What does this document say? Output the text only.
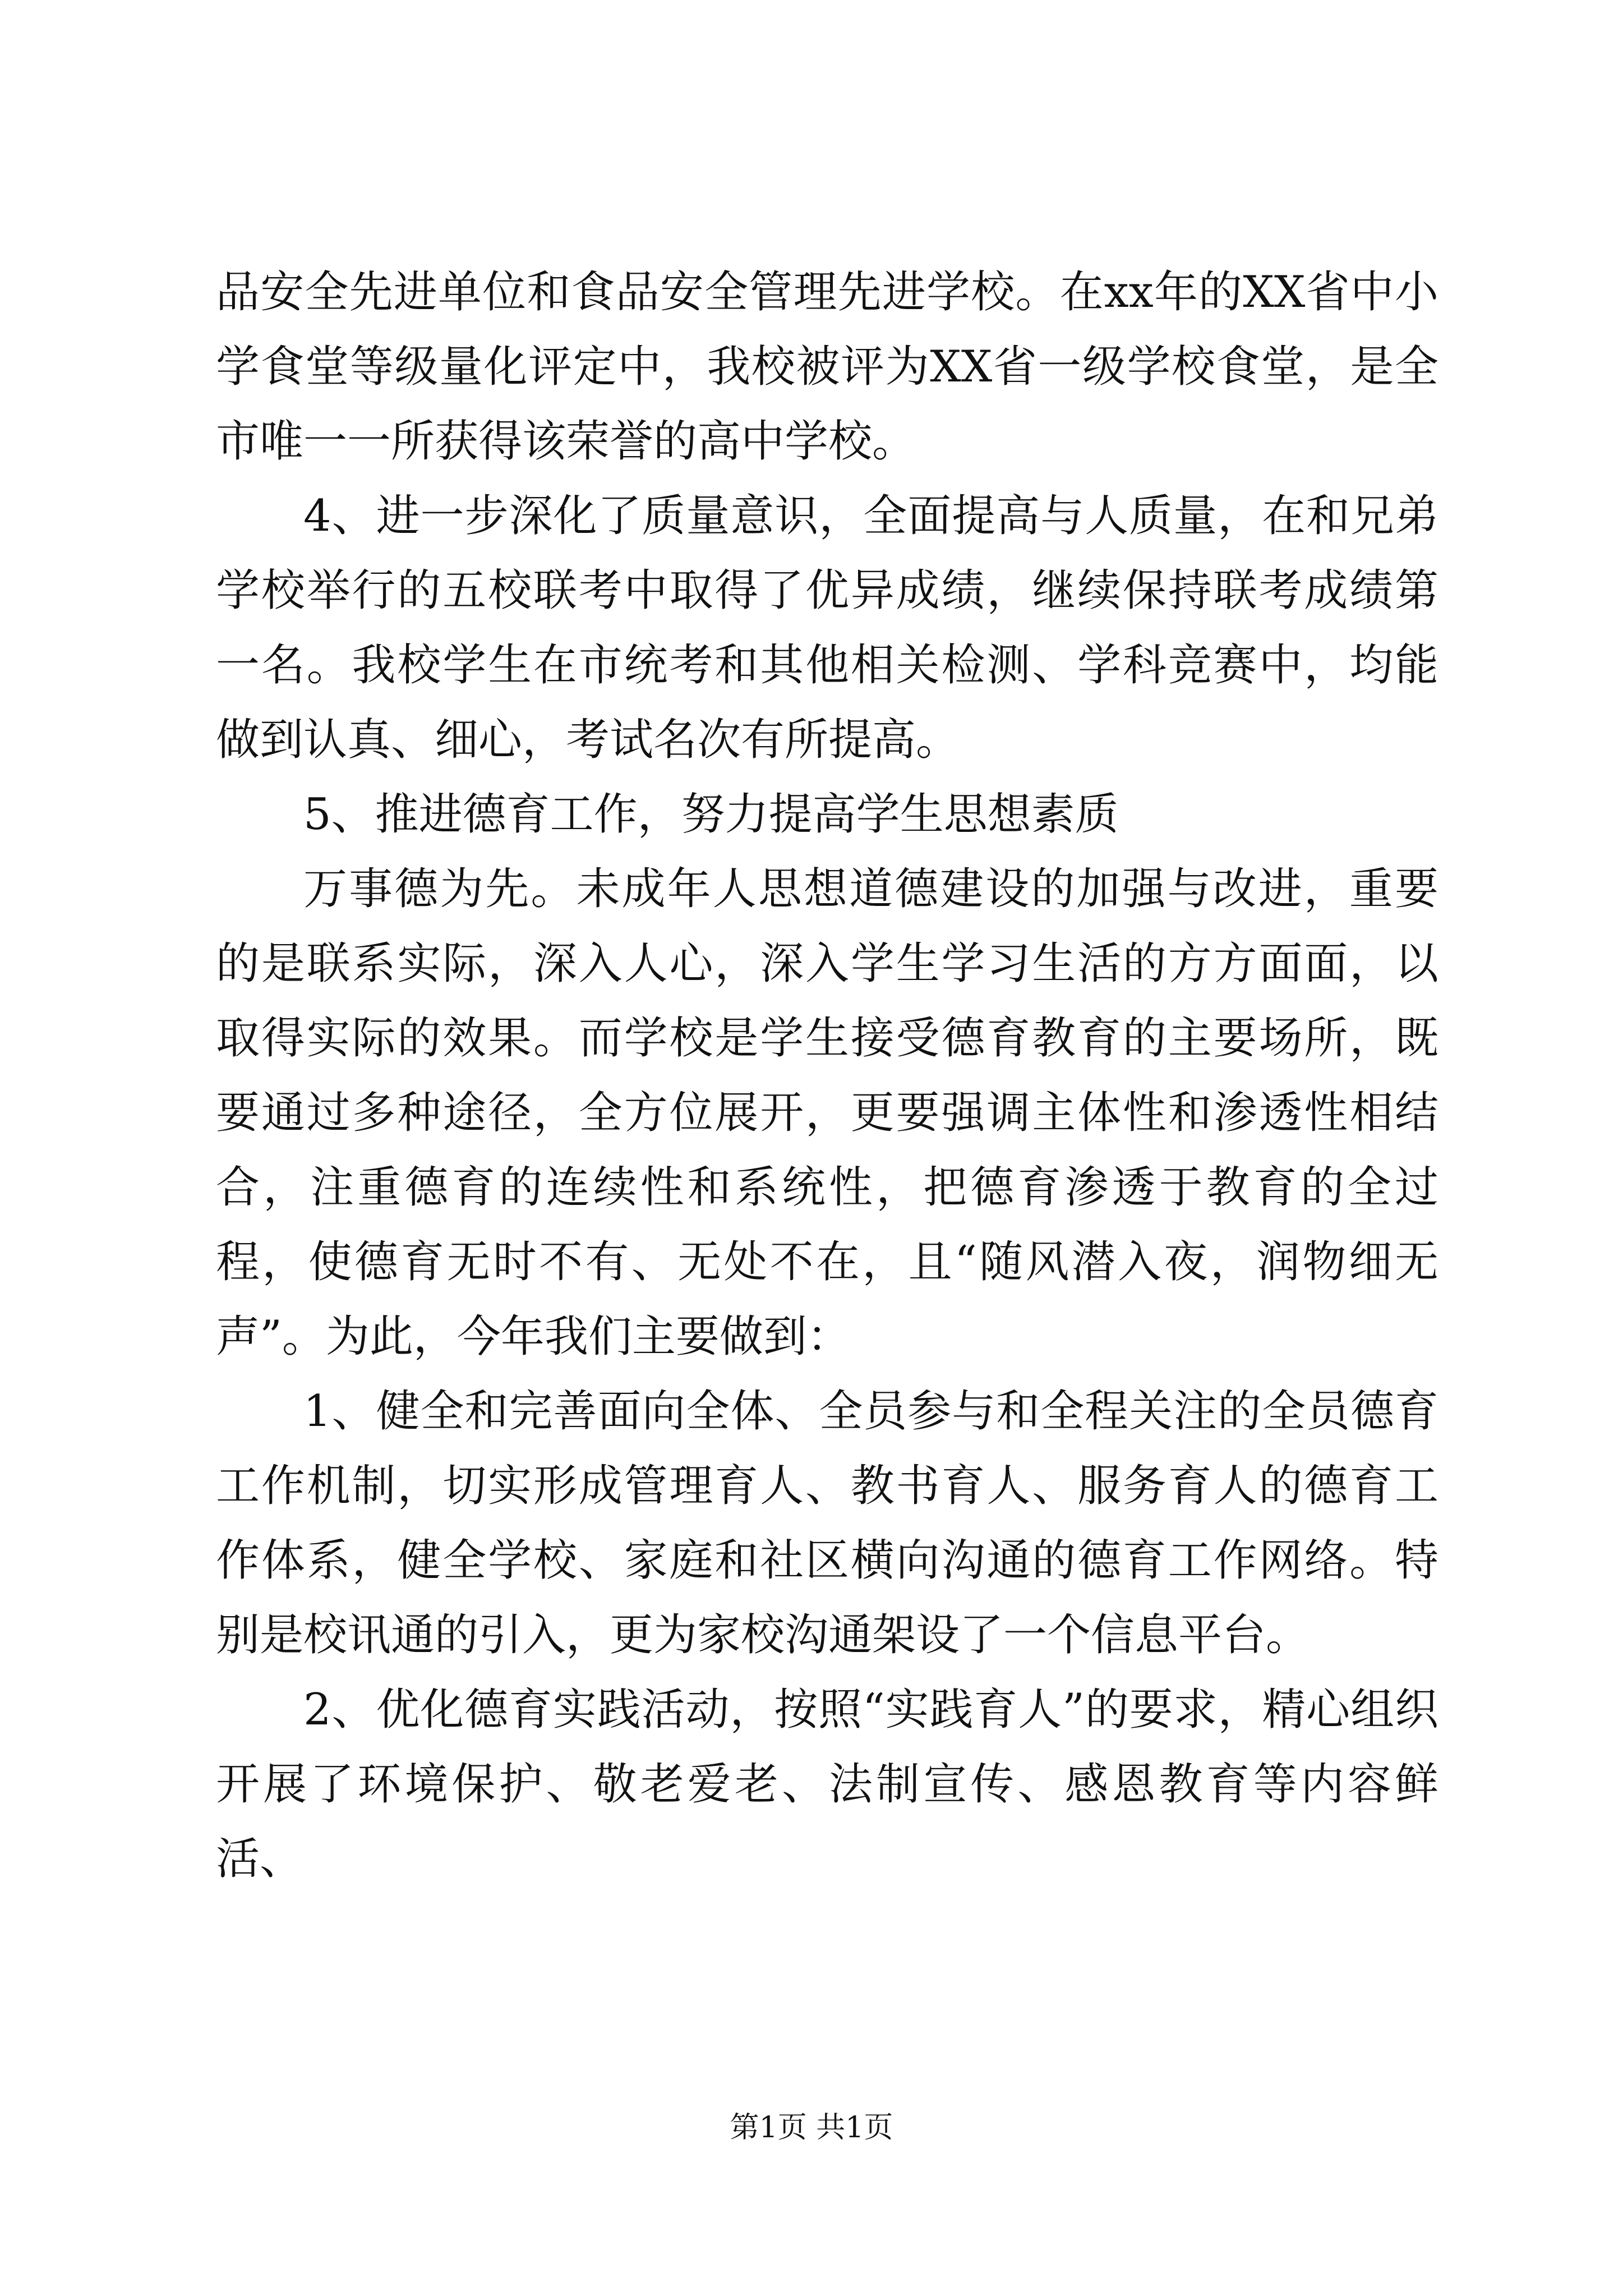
品安全先进单位和食品安全管理先进学校。在xx年的XX省中小学食堂等级量化评定中，我校被评为XX省一级学校食堂，是全市唯一一所获得该荣誉的高中学校。

4、进一步深化了质量意识，全面提高与人质量，在和兄弟学校举行的五校联考中取得了优异成绩，继续保持联考成绩第一名。我校学生在市统考和其他相关检测、学科竞赛中，均能做到认真、细心，考试名次有所提高。

5、推进德育工作，努力提高学生思想素质

万事德为先。未成年人思想道德建设的加强与改进，重要的是联系实际，深入人心，深入学生学习生活的方方面面，以取得实际的效果。而学校是学生接受德育教育的主要场所，既要通过多种途径，全方位展开，更要强调主体性和渗透性相结合，注重德育的连续性和系统性，把德育渗透于教育的全过程，使德育无时不有、无处不在，且“随风潜入夜，润物细无声”。为此，今年我们主要做到：

1、健全和完善面向全体、全员参与和全程关注的全员德育工作机制，切实形成管理育人、教书育人、服务育人的德育工作体系，健全学校、家庭和社区横向沟通的德育工作网络。特别是校讯通的引入，更为家校沟通架设了一个信息平台。

2、优化德育实践活动，按照“实践育人”的要求，精心组织开展了环境保护、敬老爱老、法制宣传、感恩教育等内容鲜活、

第1页 共1页
